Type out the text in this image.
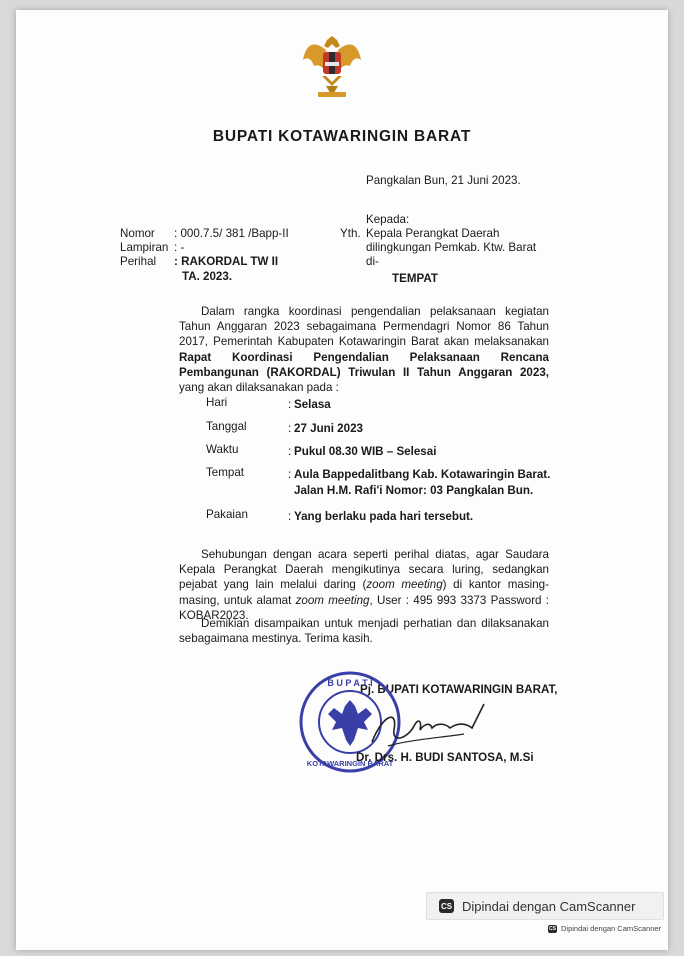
BUPATI KOTAWARINGIN BARAT
Pangkalan Bun, 21 Juni 2023.
Nomor : 000.7.5/ 381 /Bapp-II
Lampiran : -
Perihal : RAKORDAL TW II
TA. 2023.
Kepada:
Yth. Kepala Perangkat Daerah
dilingkungan Pemkab. Ktw. Barat
di-
TEMPAT
Dalam rangka koordinasi pengendalian pelaksanaan kegiatan Tahun Anggaran 2023 sebagaimana Permendagri Nomor 86 Tahun 2017, Pemerintah Kabupaten Kotawaringin Barat akan melaksanakan Rapat Koordinasi Pengendalian Pelaksanaan Rencana Pembangunan (RAKORDAL) Triwulan II Tahun Anggaran 2023, yang akan dilaksanakan pada :
Hari	: Selasa
Tanggal	: 27 Juni 2023
Waktu	: Pukul 08.30 WIB – Selesai
Tempat	: Aula Bappedalitbang Kab. Kotawaringin Barat.
Jalan H.M. Rafi'i Nomor: 03 Pangkalan Bun.
Pakaian	: Yang berlaku pada hari tersebut.
Sehubungan dengan acara seperti perihal diatas, agar Saudara Kepala Perangkat Daerah mengikutinya secara luring, sedangkan pejabat yang lain melalui daring (zoom meeting) di kantor masing-masing, untuk alamat zoom meeting, User : 495 993 3373 Password : KOBAR2023.
Demikian disampaikan untuk menjadi perhatian dan dilaksanakan sebagaimana mestinya. Terima kasih.
Pj. BUPATI KOTAWARINGIN BARAT,
B U P A T I
KOTAWARINGIN BARAT
Dr. Drs. H. BUDI SANTOSA, M.Si
CS Dipindai dengan CamScanner
CS Dipindai dengan CamScanner
